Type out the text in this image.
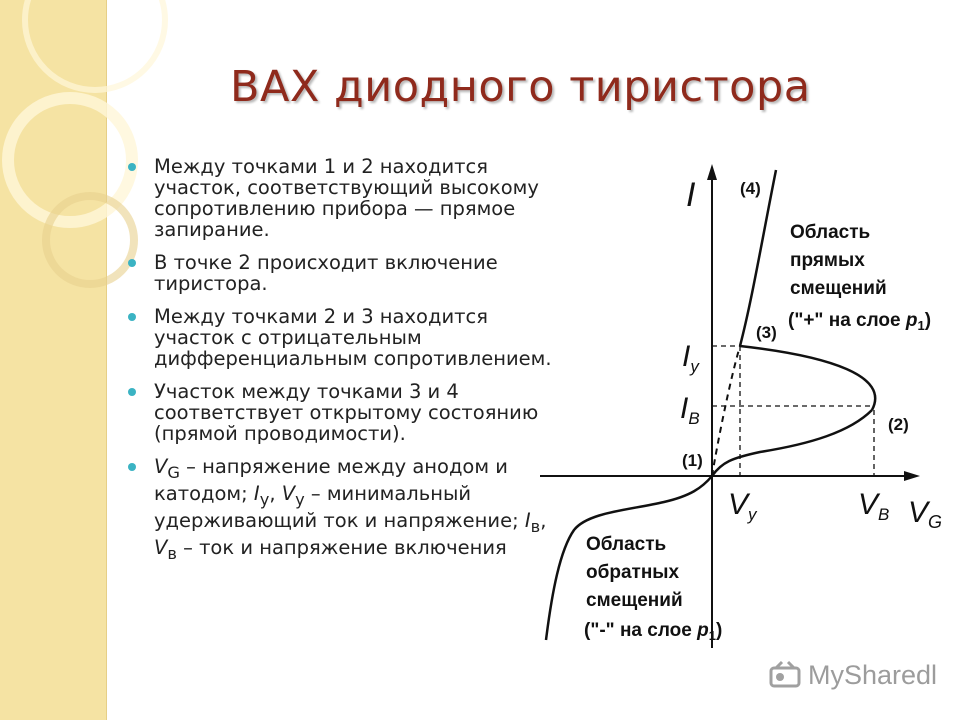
ВАХ диодного тиристора
Между точками 1 и 2 находится участок, соответствующий высокому сопротивлению прибора — прямое запирание.
В точке 2 происходит включение тиристора.
Между точками 2 и 3 находится участок с отрицательным дифференциальным сопротивлением.
Участок между точками 3 и 4 соответствует открытому состоянию (прямой проводимости).
$V_G$ – напряжение между анодом и катодом; $I_у$, $V_у$ – минимальный удерживающий ток и напряжение; $I_в$, $V_в$ – ток и напряжение включения
I
$V_G$
$I_у$
$I_В$
$V_у$	$V_В$
(1)
(2)
(3)
(4)
Область
прямых
смещений
("+" на слое $p_1$)
Область
обратных
смещений
("-" на слое $p_1$)
MySharedl
